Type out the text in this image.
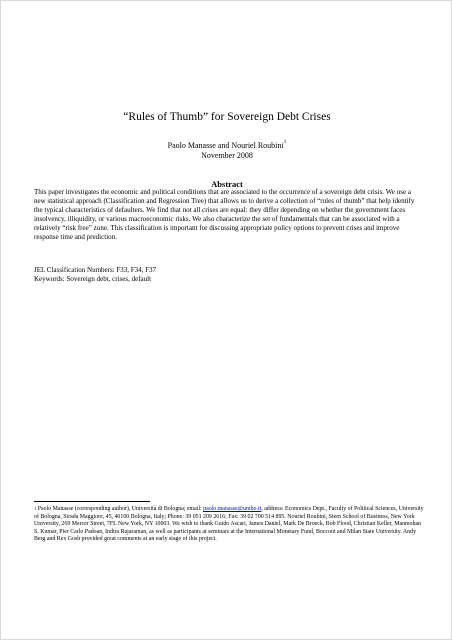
“Rules of Thumb” for Sovereign Debt Crises
Paolo Manasse and Nouriel Roubini$^1$
November 2008
Abstract
This paper investigates the economic and political conditions that are associated to the occurrence of a sovereign debt crisis. We use a new statistical approach (Classification and Regression Tree) that allows us to derive a collection of “rules of thumb” that help identify the typical characteristics of defaulters. We find that not all crises are equal: they differ depending on whether the government faces insolvency, illiquidity, or various macroeconomic risks. We also characterize the set of fundamentals that can be associated with a relatively “risk free” zone. This classification is important for discussing appropriate policy options to prevent crises and improve response time and prediction.
JEL Classification Numbers: F33, F34, F37
Keywords: Sovereign debt, crises, default
$^1$ Paolo Manasse (corresponding author), Università di Bologna; email: paolo.manasse@unibo.it, address: Economics Dept., Faculty of Political Sciences, University of Bologna, Strada Maggiore, 45, 40100 Bologna, Italy; Phone: 39 051 209 2616; Fax: 39 02 700 514 895. Nouriel Roubini, Stern School of Business, New York University, 269 Mercer Street, 7FL New York, NY 10003. We wish to thank Guido Ascari, James Daniel, Mark De Broeck, Bob Flood, Christian Keller, Manmohan S. Kumar, Pier Carlo Padoan, Indira Rajaraman, as well as participants at seminars at the International Monetary Fund, Bocconi and Milan State University. Andy Berg and Rex Gosh provided great comments at an early stage of this project.
